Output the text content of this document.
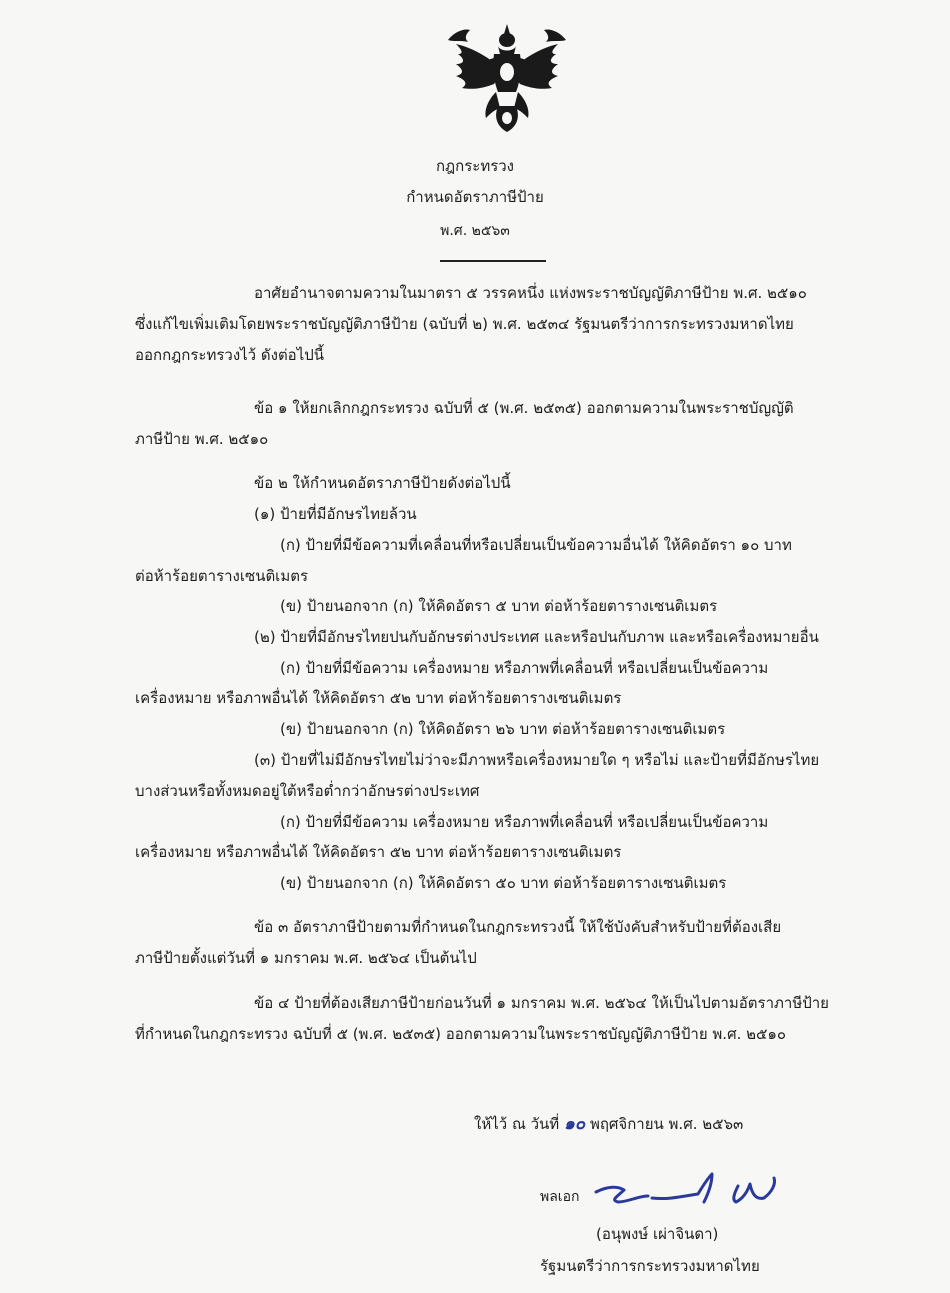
กฎกระทรวง
กำหนดอัตราภาษีป้าย
พ.ศ. ๒๕๖๓
อาศัยอำนาจตามความในมาตรา ๕ วรรคหนึ่ง แห่งพระราชบัญญัติภาษีป้าย พ.ศ. ๒๕๑๐
ซึ่งแก้ไขเพิ่มเติมโดยพระราชบัญญัติภาษีป้าย (ฉบับที่ ๒) พ.ศ. ๒๕๓๔ รัฐมนตรีว่าการกระทรวงมหาดไทย
ออกกฎกระทรวงไว้ ดังต่อไปนี้
ข้อ ๑ ให้ยกเลิกกฎกระทรวง ฉบับที่ ๕ (พ.ศ. ๒๕๓๕) ออกตามความในพระราชบัญญัติ
ภาษีป้าย พ.ศ. ๒๕๑๐
ข้อ ๒ ให้กำหนดอัตราภาษีป้ายดังต่อไปนี้
(๑) ป้ายที่มีอักษรไทยล้วน
(ก) ป้ายที่มีข้อความที่เคลื่อนที่หรือเปลี่ยนเป็นข้อความอื่นได้ ให้คิดอัตรา ๑๐ บาท
ต่อห้าร้อยตารางเซนติเมตร
(ข) ป้ายนอกจาก (ก) ให้คิดอัตรา ๕ บาท ต่อห้าร้อยตารางเซนติเมตร
(๒) ป้ายที่มีอักษรไทยปนกับอักษรต่างประเทศ และหรือปนกับภาพ และหรือเครื่องหมายอื่น
(ก) ป้ายที่มีข้อความ เครื่องหมาย หรือภาพที่เคลื่อนที่ หรือเปลี่ยนเป็นข้อความ
เครื่องหมาย หรือภาพอื่นได้ ให้คิดอัตรา ๕๒ บาท ต่อห้าร้อยตารางเซนติเมตร
(ข) ป้ายนอกจาก (ก) ให้คิดอัตรา ๒๖ บาท ต่อห้าร้อยตารางเซนติเมตร
(๓) ป้ายที่ไม่มีอักษรไทยไม่ว่าจะมีภาพหรือเครื่องหมายใด ๆ หรือไม่ และป้ายที่มีอักษรไทย
บางส่วนหรือทั้งหมดอยู่ใต้หรือต่ำกว่าอักษรต่างประเทศ
(ก) ป้ายที่มีข้อความ เครื่องหมาย หรือภาพที่เคลื่อนที่ หรือเปลี่ยนเป็นข้อความ
เครื่องหมาย หรือภาพอื่นได้ ให้คิดอัตรา ๕๒ บาท ต่อห้าร้อยตารางเซนติเมตร
(ข) ป้ายนอกจาก (ก) ให้คิดอัตรา ๕๐ บาท ต่อห้าร้อยตารางเซนติเมตร
ข้อ ๓ อัตราภาษีป้ายตามที่กำหนดในกฎกระทรวงนี้ ให้ใช้บังคับสำหรับป้ายที่ต้องเสีย
ภาษีป้ายตั้งแต่วันที่ ๑ มกราคม พ.ศ. ๒๕๖๔ เป็นต้นไป
ข้อ ๔ ป้ายที่ต้องเสียภาษีป้ายก่อนวันที่ ๑ มกราคม พ.ศ. ๒๕๖๔ ให้เป็นไปตามอัตราภาษีป้าย
ที่กำหนดในกฎกระทรวง ฉบับที่ ๕ (พ.ศ. ๒๕๓๕) ออกตามความในพระราชบัญญัติภาษีป้าย พ.ศ. ๒๕๑๐
ให้ไว้ ณ วันที่ ๑๐ พฤศจิกายน พ.ศ. ๒๕๖๓
พลเอก
(อนุพงษ์ เผ่าจินดา)
รัฐมนตรีว่าการกระทรวงมหาดไทย
